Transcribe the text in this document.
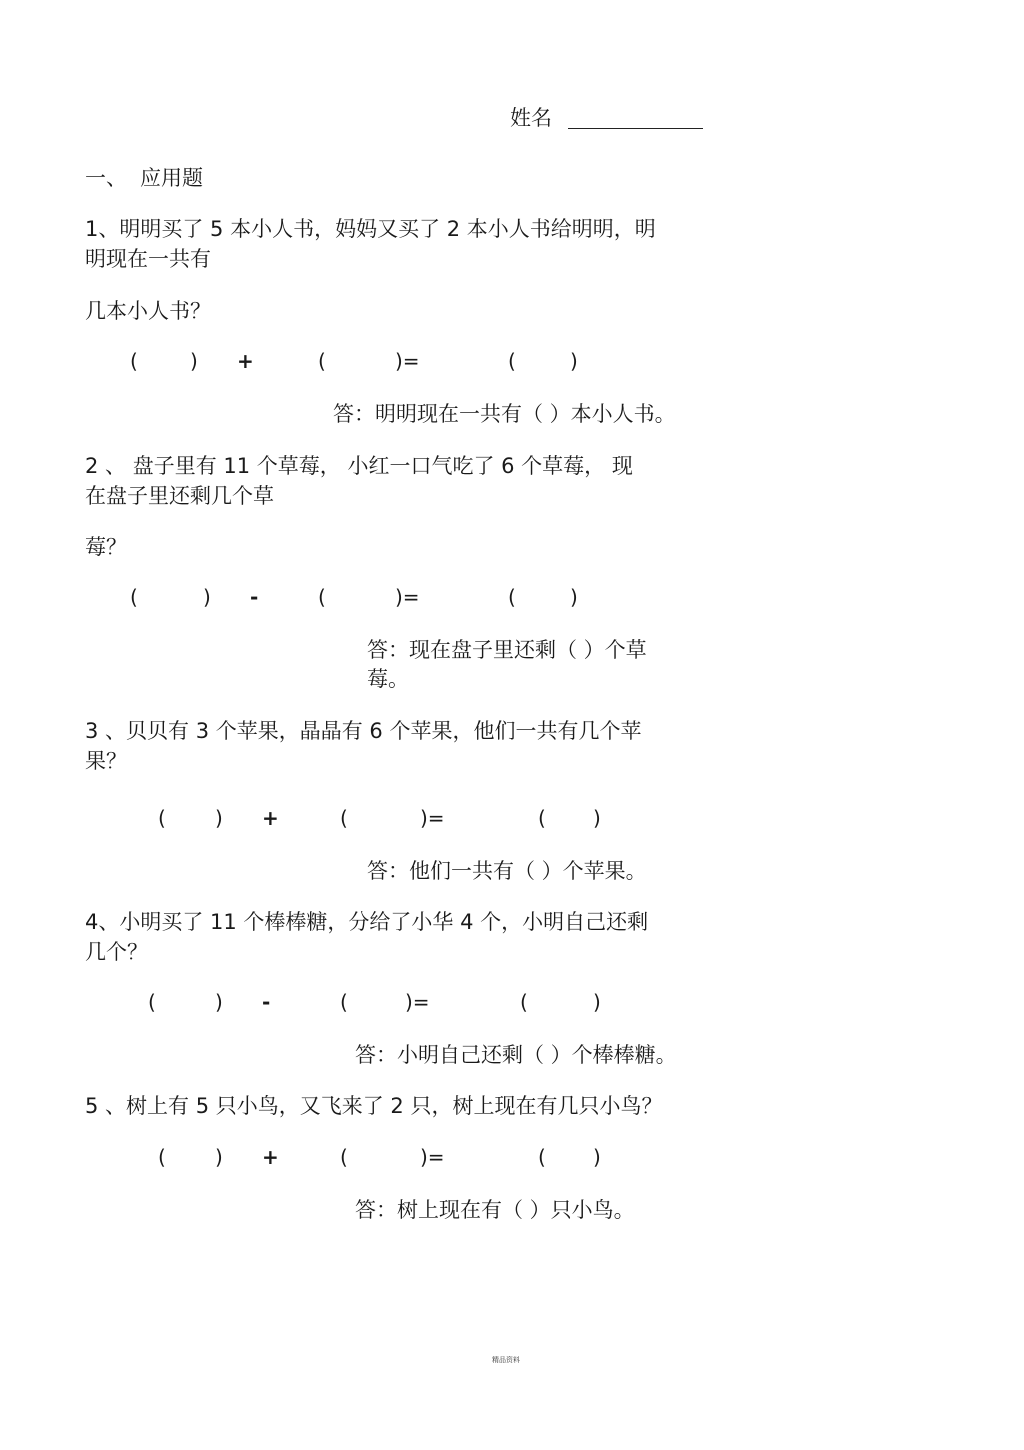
姓名
一、 应用题
1、明明买了 5 本小人书，妈妈又买了 2 本小人书给明明，明
明现在一共有
几本小人书？
(	) +	(	)=	(	)
答：明明现在一共有（ ）本小人书。
2 、 盘子里有 11 个草莓， 小红一口气吃了 6 个草莓， 现
在盘子里还剩几个草
莓？
(	) -	(	)=	(	)
答：现在盘子里还剩（ ）个草
莓。
3 、贝贝有 3 个苹果，晶晶有 6 个苹果，他们一共有几个苹
果？
( ) +	(	)=	( )
答：他们一共有（ ）个苹果。
4、小明买了 11 个棒棒糖，分给了小华 4 个，小明自己还剩
几个？
(	) -	(	)=	(	)
答：小明自己还剩（ ）个棒棒糖。
5 、树上有 5 只小鸟，又飞来了 2 只，树上现在有几只小鸟？
( ) +	(	)=	( )
答：树上现在有（ ）只小鸟。
精品资料
